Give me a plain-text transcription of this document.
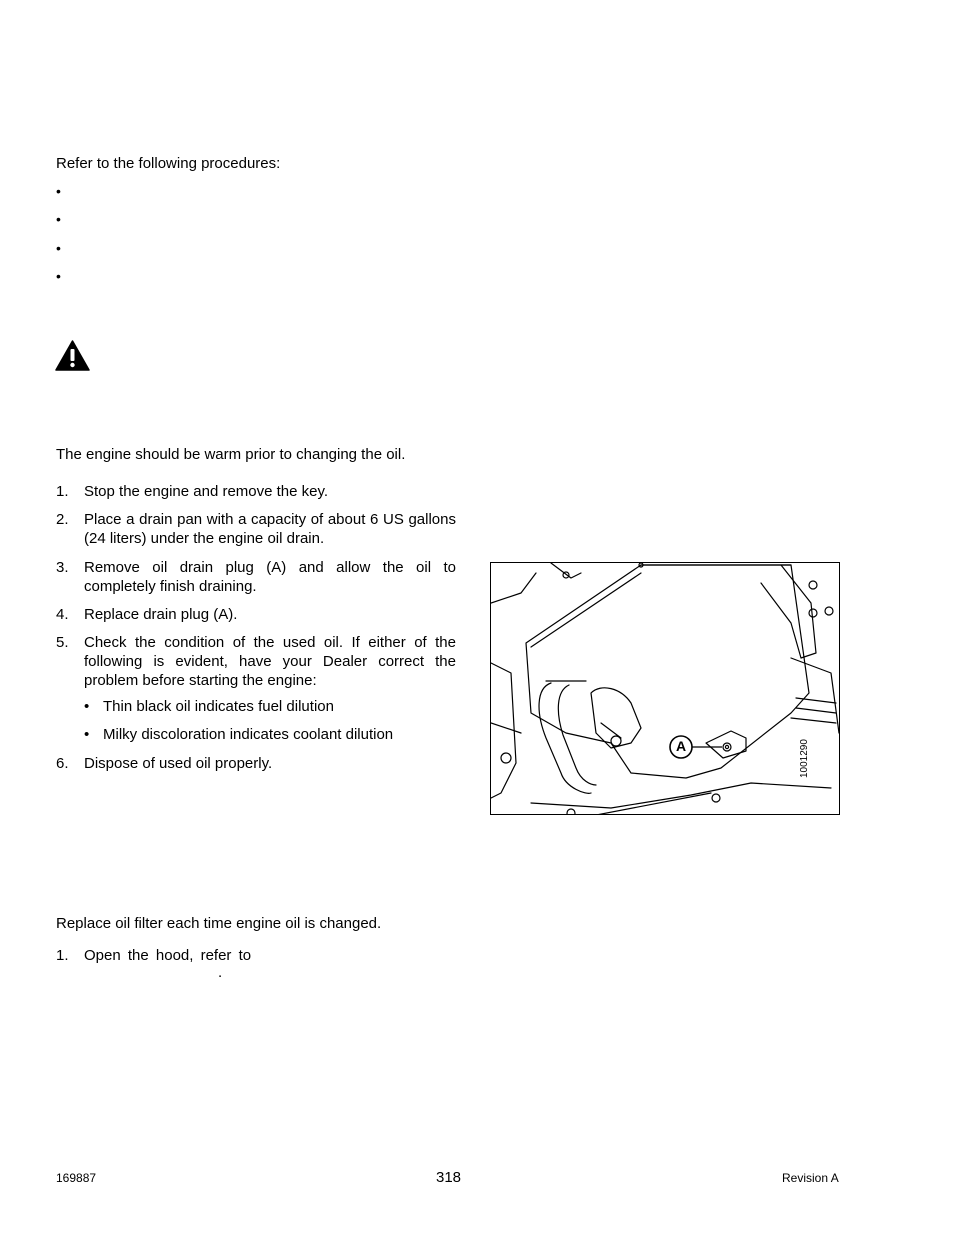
Refer to the following procedures:
•
•
•
•
The engine should be warm prior to changing the oil.
1. Stop the engine and remove the key.
2. Place a drain pan with a capacity of about 6 US gallons (24 liters) under the engine oil drain.
3. Remove oil drain plug (A) and allow the oil to completely finish draining.
4. Replace drain plug (A).
5. Check the condition of the used oil. If either of the following is evident, have your Dealer correct the problem before starting the engine:
• Thin black oil indicates fuel dilution
• Milky discoloration indicates coolant dilution
6. Dispose of used oil properly.
A	1001290
Replace oil filter each time engine oil is changed.
1. Open the hood, refer to
.
169887	318	Revision A
